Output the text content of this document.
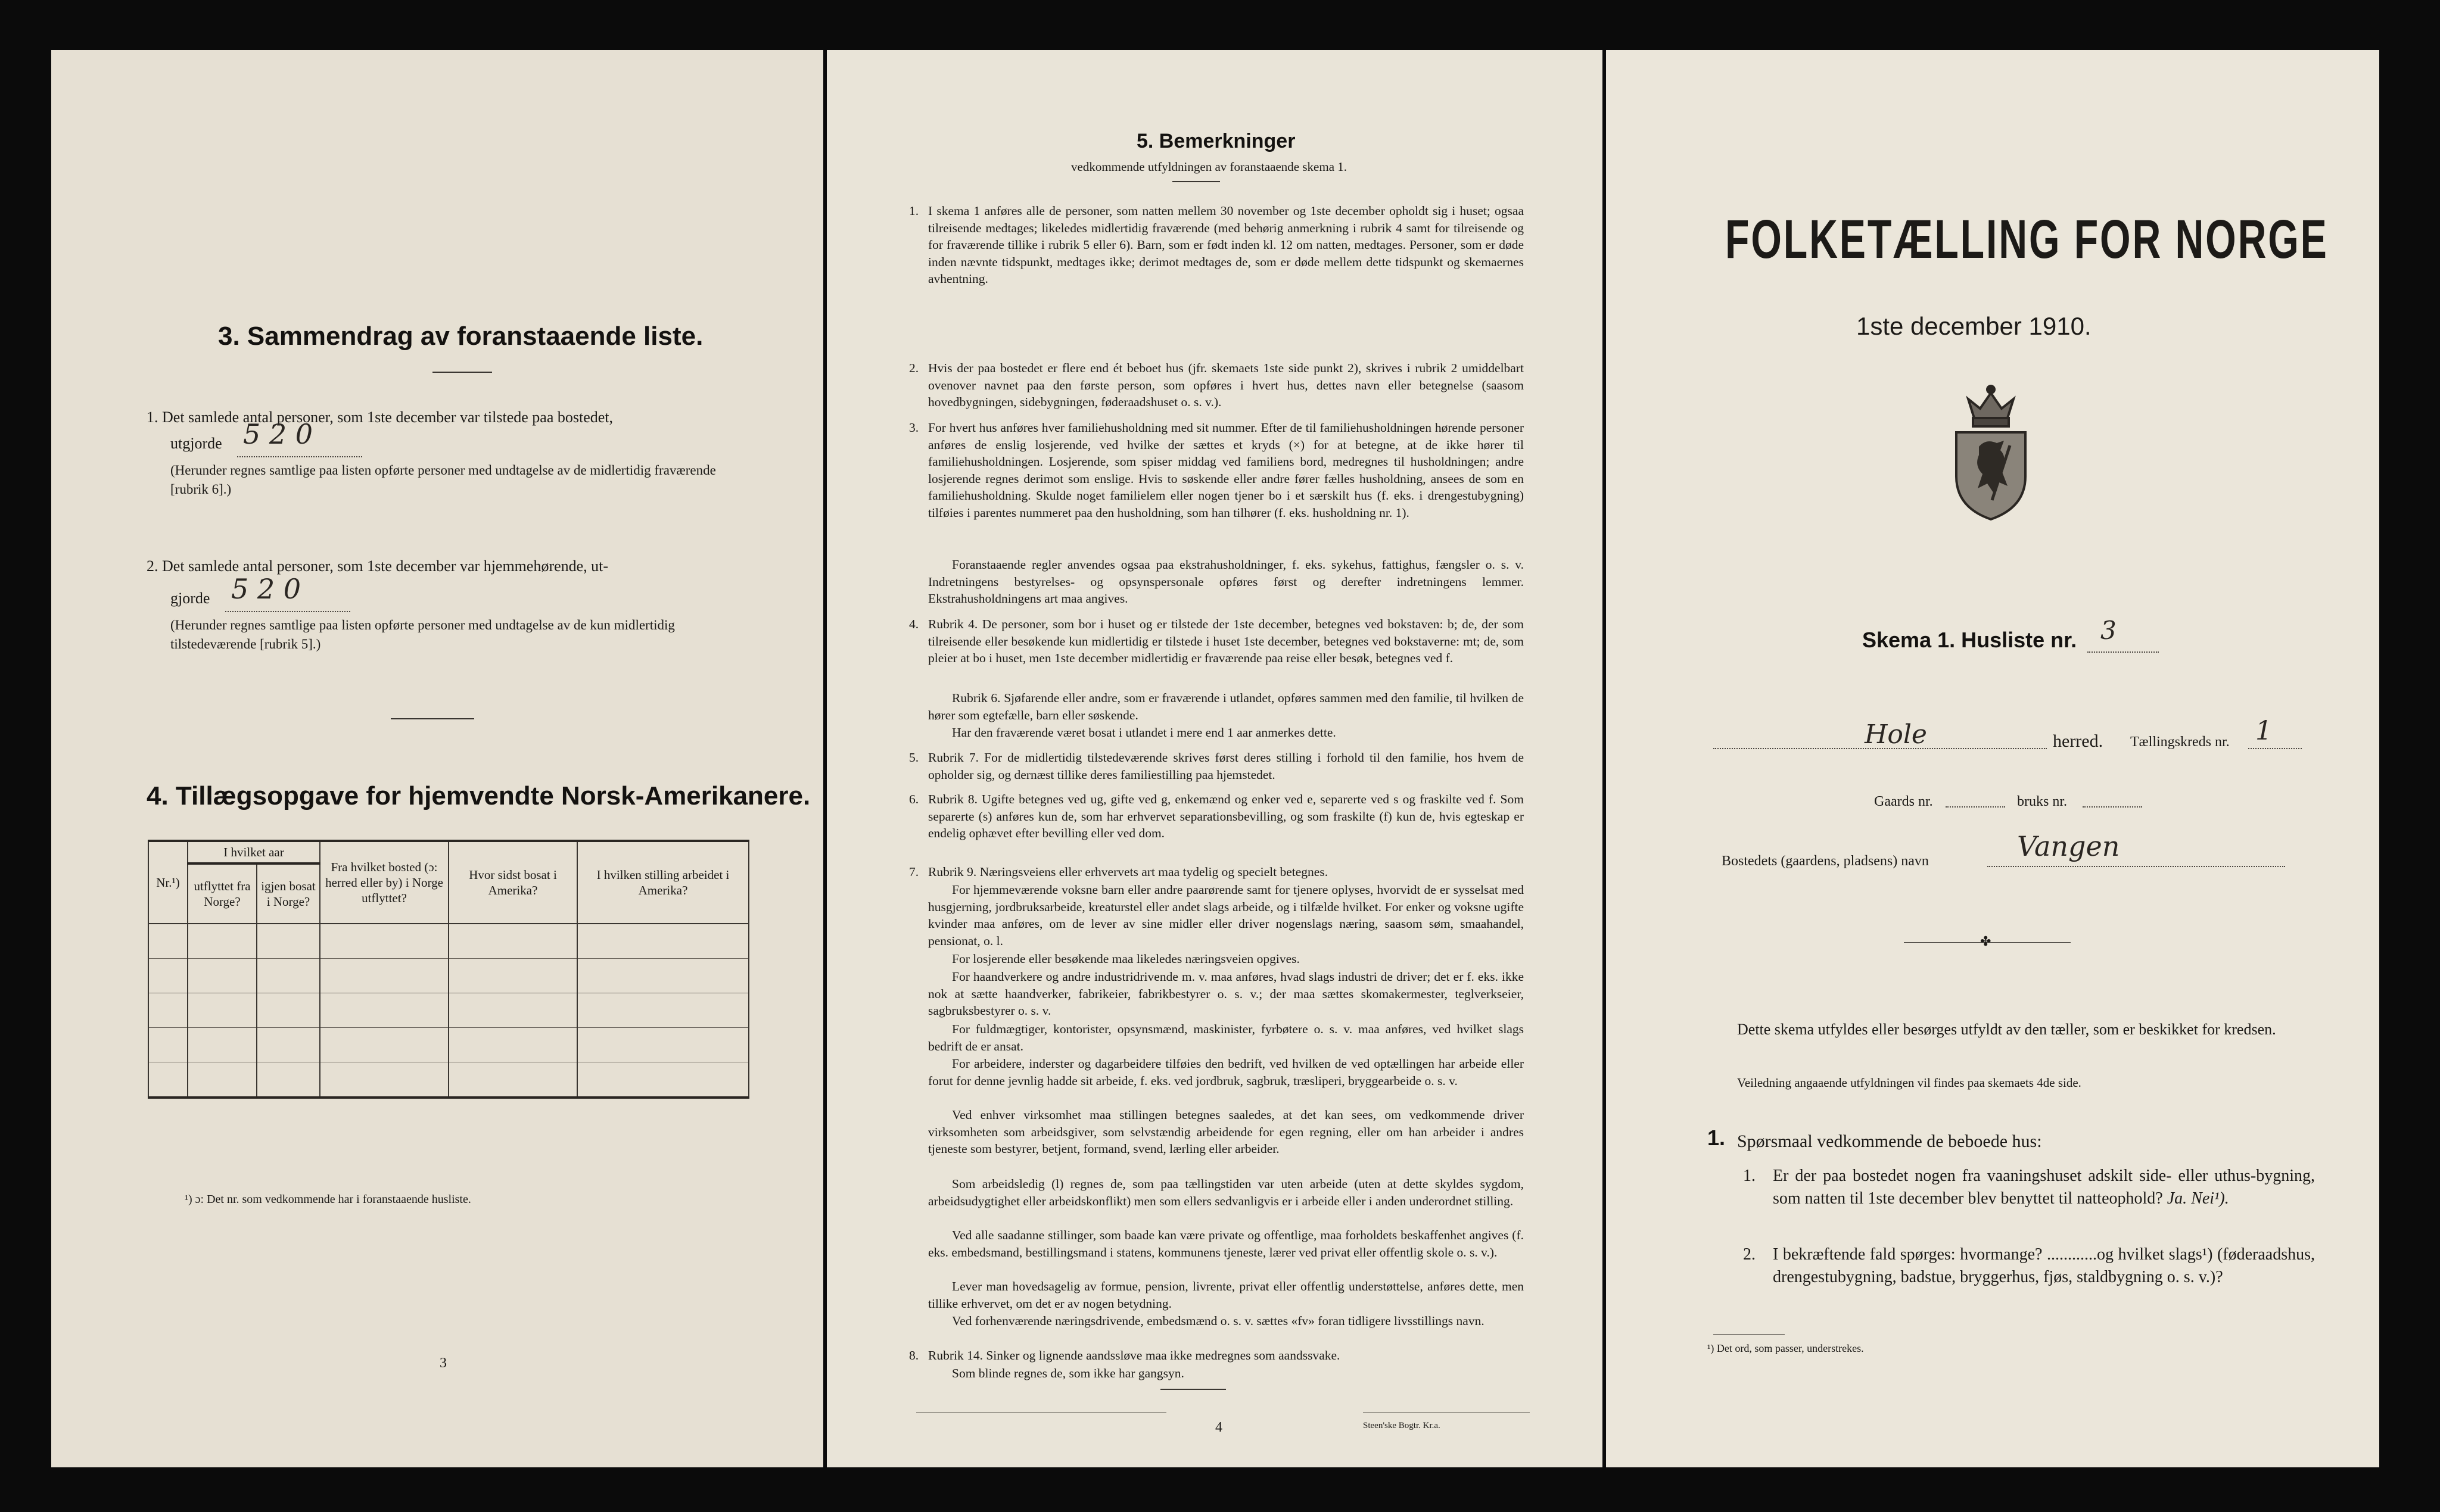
3. Sammendrag av foranstaaende liste.
1. Det samlede antal personer, som 1ste december var tilstede paa bostedet,
utgjorde 5 2 0
(Herunder regnes samtlige paa listen opførte personer med undtagelse av de midlertidig fraværende [rubrik 6].)
2. Det samlede antal personer, som 1ste december var hjemmehørende, ut-
gjorde 5 2 0
(Herunder regnes samtlige paa listen opførte personer med undtagelse av de kun midlertidig tilstedeværende [rubrik 5].)
4. Tillægsopgave for hjemvendte Norsk-Amerikanere.
Nr.¹)	I hvilket aar		Fra hvilket bosted (ɔ: herred eller by) i Norge utflyttet?	Hvor sidst bosat i Amerika?	I hvilken stilling arbeidet i Amerika?
	utflyttet fra Norge?	igjen bosat i Norge?			

¹) ɔ: Det nr. som vedkommende har i foranstaaende husliste.
3
5. Bemerkninger
vedkommende utfyldningen av foranstaaende skema 1.
1. I skema 1 anføres alle de personer, som natten mellem 30 november og 1ste december opholdt sig i huset; ogsaa tilreisende medtages; likeledes midlertidig fraværende (med behørig anmerkning i rubrik 4 samt for tilreisende og for fraværende tillike i rubrik 5 eller 6). Barn, som er født inden kl. 12 om natten, medtages. Personer, som er døde inden nævnte tidspunkt, medtages ikke; derimot medtages de, som er døde mellem dette tidspunkt og skemaernes avhentning.
2. Hvis der paa bostedet er flere end ét beboet hus (jfr. skemaets 1ste side punkt 2), skrives i rubrik 2 umiddelbart ovenover navnet paa den første person, som opføres i hvert hus, dettes navn eller betegnelse (saasom hovedbygningen, sidebygningen, føderaadshuset o. s. v.).
3. For hvert hus anføres hver familiehusholdning med sit nummer. Efter de til familiehusholdningen hørende personer anføres de enslig losjerende, ved hvilke der sættes et kryds (×) for at betegne, at de ikke hører til familiehusholdningen. Losjerende, som spiser middag ved familiens bord, medregnes til husholdningen; andre losjerende regnes derimot som enslige. Hvis to søskende eller andre fører fælles husholdning, ansees de som en familiehusholdning. Skulde noget familielem eller nogen tjener bo i et særskilt hus (f. eks. i drengestubygning) tilføies i parentes nummeret paa den husholdning, som han tilhører (f. eks. husholdning nr. 1).
Foranstaaende regler anvendes ogsaa paa ekstrahusholdninger, f. eks. sykehus, fattighus, fængsler o. s. v. Indretningens bestyrelses- og opsynspersonale opføres først og derefter indretningens lemmer. Ekstrahusholdningens art maa angives.
4. Rubrik 4. De personer, som bor i huset og er tilstede der 1ste december, betegnes ved bokstaven: b; de, der som tilreisende eller besøkende kun midlertidig er tilstede i huset 1ste december, betegnes ved bokstaverne: mt; de, som pleier at bo i huset, men 1ste december midlertidig er fraværende paa reise eller besøk, betegnes ved f.
Rubrik 6. Sjøfarende eller andre, som er fraværende i utlandet, opføres sammen med den familie, til hvilken de hører som egtefælle, barn eller søskende.
Har den fraværende været bosat i utlandet i mere end 1 aar anmerkes dette.
5. Rubrik 7. For de midlertidig tilstedeværende skrives først deres stilling i forhold til den familie, hos hvem de opholder sig, og dernæst tillike deres familiestilling paa hjemstedet.
6. Rubrik 8. Ugifte betegnes ved ug, gifte ved g, enkemænd og enker ved e, separerte ved s og fraskilte ved f. Som separerte (s) anføres kun de, som har erhvervet separationsbevilling, og som fraskilte (f) kun de, hvis egteskap er endelig ophævet efter bevilling eller ved dom.
7. Rubrik 9. Næringsveiens eller erhvervets art maa tydelig og specielt betegnes.
For hjemmeværende voksne barn eller andre paarørende samt for tjenere oplyses, hvorvidt de er sysselsat med husgjerning, jordbruksarbeide, kreaturstel eller andet slags arbeide, og i tilfælde hvilket. For enker og voksne ugifte kvinder maa anføres, om de lever av sine midler eller driver nogenslags næring, saasom søm, smaahandel, pensionat, o. l.
For losjerende eller besøkende maa likeledes næringsveien opgives.
For haandverkere og andre industridrivende m. v. maa anføres, hvad slags industri de driver; det er f. eks. ikke nok at sætte haandverker, fabrikeier, fabrikbestyrer o. s. v.; der maa sættes skomakermester, teglverkseier, sagbruksbestyrer o. s. v.
For fuldmægtiger, kontorister, opsynsmænd, maskinister, fyrbøtere o. s. v. maa anføres, ved hvilket slags bedrift de er ansat.
For arbeidere, inderster og dagarbeidere tilføies den bedrift, ved hvilken de ved optællingen har arbeide eller forut for denne jevnlig hadde sit arbeide, f. eks. ved jordbruk, sagbruk, træsliperi, bryggearbeide o. s. v.
Ved enhver virksomhet maa stillingen betegnes saaledes, at det kan sees, om vedkommende driver virksomheten som arbeidsgiver, som selvstændig arbeidende for egen regning, eller om han arbeider i andres tjeneste som bestyrer, betjent, formand, svend, lærling eller arbeider.
Som arbeidsledig (l) regnes de, som paa tællingstiden var uten arbeide (uten at dette skyldes sygdom, arbeidsudygtighet eller arbeidskonflikt) men som ellers sedvanligvis er i arbeide eller i anden underordnet stilling.
Ved alle saadanne stillinger, som baade kan være private og offentlige, maa forholdets beskaffenhet angives (f. eks. embedsmand, bestillingsmand i statens, kommunens tjeneste, lærer ved privat eller offentlig skole o. s. v.).
Lever man hovedsagelig av formue, pension, livrente, privat eller offentlig understøttelse, anføres dette, men tillike erhvervet, om det er av nogen betydning.
Ved forhenværende næringsdrivende, embedsmænd o. s. v. sættes «fv» foran tidligere livsstillings navn.
8. Rubrik 14. Sinker og lignende aandssløve maa ikke medregnes som aandssvake.
Som blinde regnes de, som ikke har gangsyn.
4	Steen'ske Bogtr. Kr.a.
FOLKETÆLLING FOR NORGE
1ste december 1910.
Skema 1. Husliste nr. 3
Hole	herred. Tællingskreds nr. 1
Gaards nr.	bruks nr.
Bostedets (gaardens, pladsens) navn	Vangen
✤
Dette skema utfyldes eller besørges utfyldt av den tæller, som er beskikket for kredsen.
Veiledning angaaende utfyldningen vil findes paa skemaets 4de side.
1. Spørsmaal vedkommende de beboede hus:
1. Er der paa bostedet nogen fra vaaningshuset adskilt side- eller uthus-bygning, som natten til 1ste december blev benyttet til natteophold? Ja. Nei¹).
2. I bekræftende fald spørges: hvormange? ............og hvilket slags¹) (føderaadshus, drengestubygning, badstue, bryggerhus, fjøs, staldbygning o. s. v.)?
¹) Det ord, som passer, understrekes.
